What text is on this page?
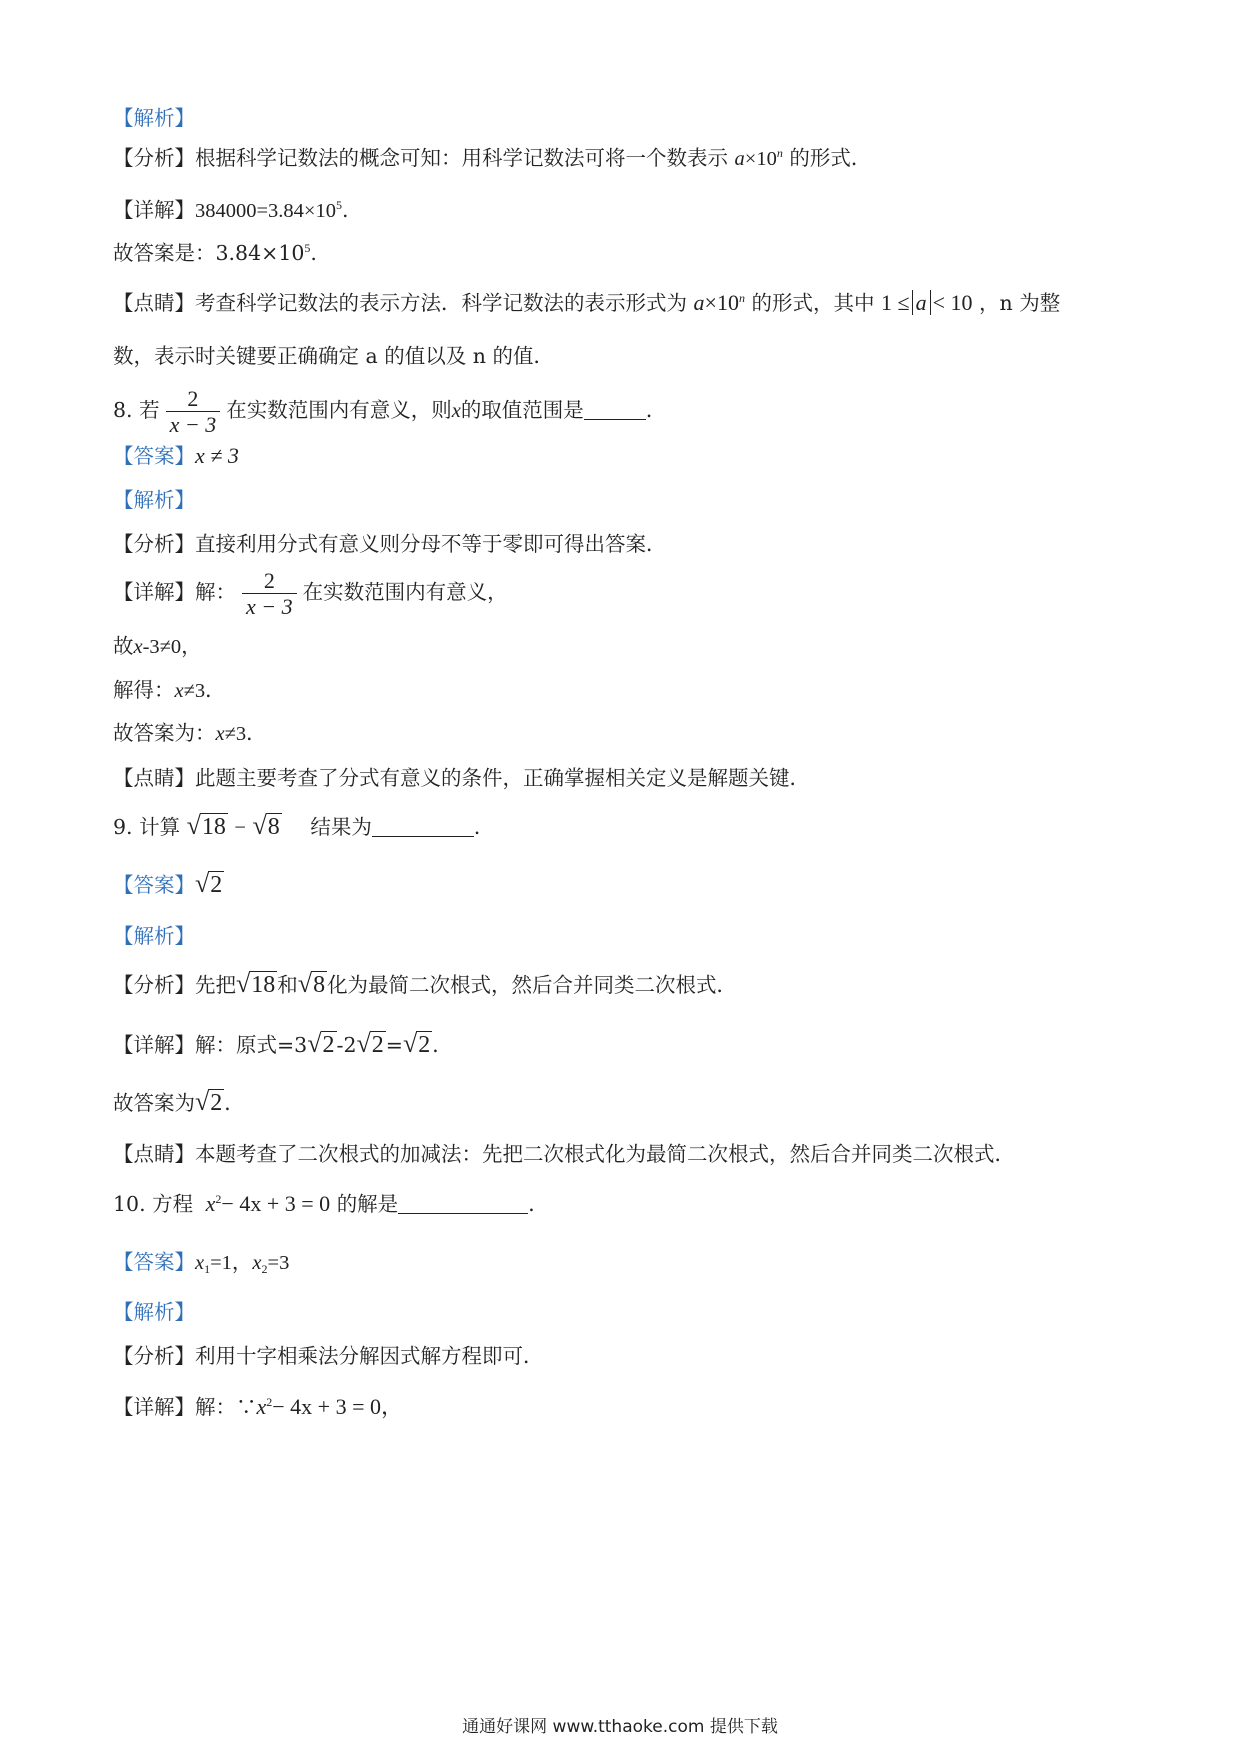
【解析】
【分析】根据科学记数法的概念可知：用科学记数法可将一个数表示 $a\times 10^n$ 的形式．
【详解】$384000=3.84\times 10^5$.
故答案是：$3.84\times 10^5$.
【点睛】考查科学记数法的表示方法．科学记数法的表示形式为 $a\times 10^n$ 的形式，其中 1 ≤ a < 10 ，n 为整
数，表示时关键要正确确定 a 的值以及 n 的值．
8. 若 $\frac{2}{x - 3}$ 在实数范围内有意义，则x的取值范围是	．
【答案】x ≠ 3
【解析】
【分析】直接利用分式有意义则分母不等于零即可得出答案．
【详解】解： $\frac{2}{x - 3}$ 在实数范围内有意义，
故x-3≠0，
解得：x≠3．
故答案为：x≠3．
【点睛】此题主要考查了分式有意义的条件，正确掌握相关定义是解题关键．
9. 计算 √18 − √8 结果为	．
【答案】√2
【解析】
【分析】先把√18和√8化为最简二次根式，然后合并同类二次根式．
【详解】解：原式=3√2-2√2=√2．
故答案为√2．
【点睛】本题考查了二次根式的加减法：先把二次根式化为最简二次根式，然后合并同类二次根式．
10. 方程 $x^2- 4x + 3 = 0$ 的解是	．
【答案】$x_1=1$，$x_2=3$
【解析】
【分析】利用十字相乘法分解因式解方程即可．
【详解】解：$\because x^2- 4x + 3 = 0$，
通通好课网 www.tthaoke.com 提供下载
